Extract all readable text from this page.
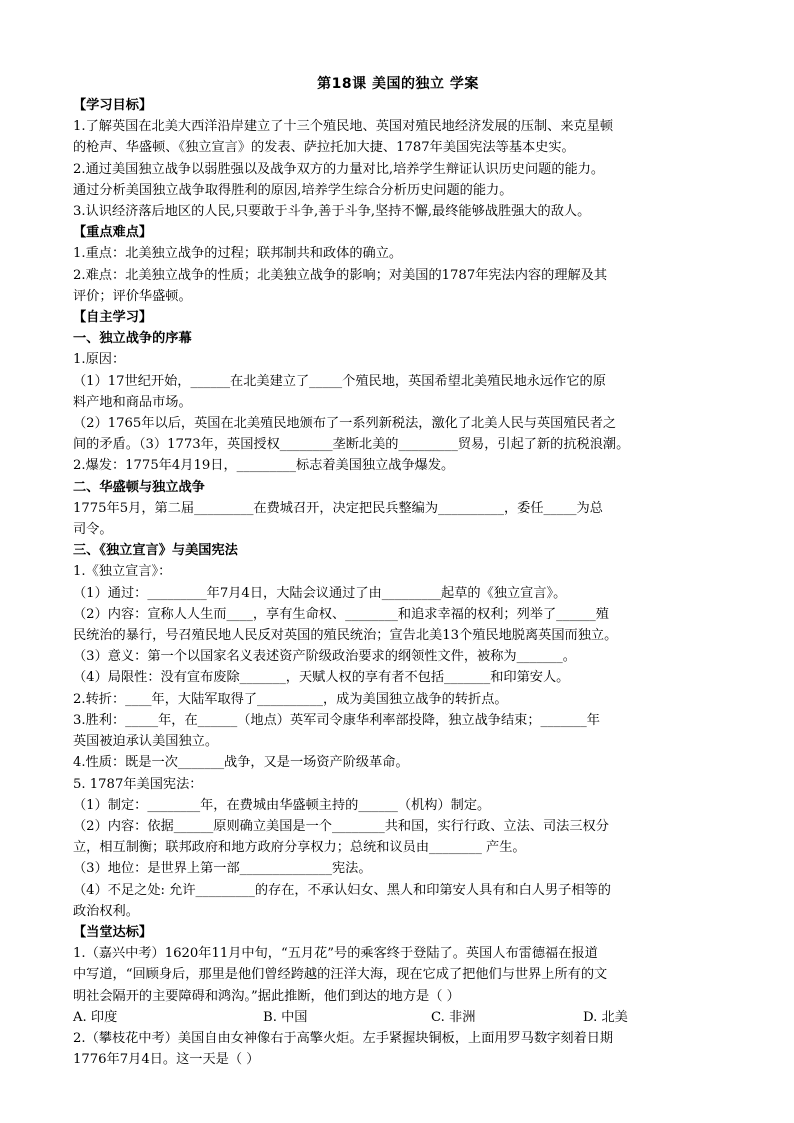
第18课 美国的独立 学案
【学习目标】
1.了解英国在北美大西洋沿岸建立了十三个殖民地、英国对殖民地经济发展的压制、来克星顿
的枪声、华盛顿、《独立宣言》的发表、萨拉托加大捷、1787年美国宪法等基本史实。
2.通过美国独立战争以弱胜强以及战争双方的力量对比,培养学生辩证认识历史问题的能力。
通过分析美国独立战争取得胜利的原因,培养学生综合分析历史问题的能力。
3.认识经济落后地区的人民,只要敢于斗争,善于斗争,坚持不懈,最终能够战胜强大的敌人。
【重点难点】
1.重点：北美独立战争的过程；联邦制共和政体的确立。
2.难点：北美独立战争的性质；北美独立战争的影响；对美国的1787年宪法内容的理解及其
评价；评价华盛顿。
【自主学习】
一、独立战争的序幕
1.原因：
（1）17世纪开始，______在北美建立了_____个殖民地，英国希望北美殖民地永远作它的原
料产地和商品市场。
（2）1765年以后，英国在北美殖民地颁布了一系列新税法，激化了北美人民与英国殖民者之
间的矛盾。（3）1773年，英国授权________垄断北美的_________贸易，引起了新的抗税浪潮。
2.爆发：1775年4月19日，_________标志着美国独立战争爆发。
二、华盛顿与独立战争
1775年5月，第二届_________在费城召开，决定把民兵整编为__________，委任_____为总
司令。
三、《独立宣言》与美国宪法
1.《独立宣言》：
（1）通过：_________年7月4日，大陆会议通过了由_________起草的《独立宣言》。
（2）内容：宣称人人生而____，享有生命权、________和追求幸福的权利；列举了______殖
民统治的暴行，号召殖民地人民反对英国的殖民统治；宣告北美13个殖民地脱离英国而独立。
（3）意义：第一个以国家名义表述资产阶级政治要求的纲领性文件，被称为_______。
（4）局限性：没有宣布废除_______，天赋人权的享有者不包括_______和印第安人。
2.转折：____年，大陆军取得了__________，成为美国独立战争的转折点。
3.胜利：_____年，在______（地点）英军司令康华利率部投降，独立战争结束；_______年
英国被迫承认美国独立。
4.性质：既是一次_______战争，又是一场资产阶级革命。
5. 1787年美国宪法：
（1）制定：________年，在费城由华盛顿主持的______（机构）制定。
（2）内容：依据______原则确立美国是一个________共和国，实行行政、立法、司法三权分
立，相互制衡；联邦政府和地方政府分享权力；总统和议员由________ 产生。
（3）地位：是世界上第一部______________宪法。
（4）不足之处: 允许_________的存在，不承认妇女、黑人和印第安人具有和白人男子相等的
政治权利。
【当堂达标】
1.（嘉兴中考）1620年11月中旬，“五月花”号的乘客终于登陆了。英国人布雷德福在报道
中写道，“回顾身后，那里是他们曾经跨越的汪洋大海，现在它成了把他们与世界上所有的文
明社会隔开的主要障碍和鸿沟。”据此推断，他们到达的地方是（ ）
A. 印度	B. 中国	C. 非洲	D. 北美
2.（攀枝花中考）美国自由女神像右于高擎火炬。左手紧握块铜板，上面用罗马数字刻着日期
1776年7月4日。这一天是（ ）
